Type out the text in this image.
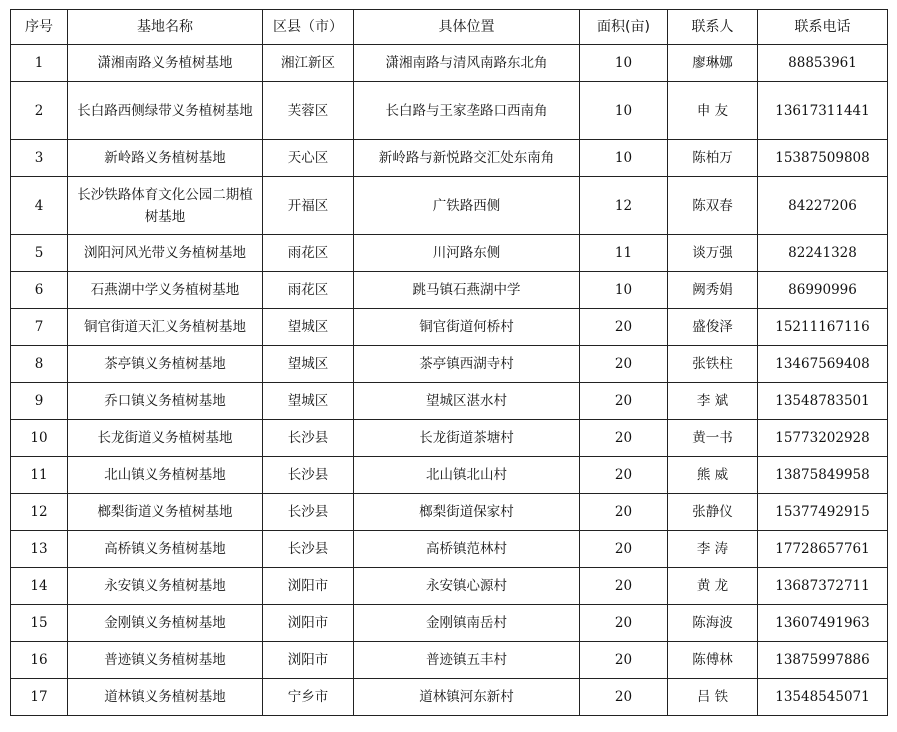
序号	基地名称	区县（市）	具体位置	面积(亩)	联系人	联系电话
1	潇湘南路义务植树基地	湘江新区	潇湘南路与清风南路东北角	10	廖琳娜	88853961
2	长白路西侧绿带义务植树基地	芙蓉区	长白路与王家垄路口西南角	10	申 友	13617311441
3	新岭路义务植树基地	天心区	新岭路与新悦路交汇处东南角	10	陈柏万	15387509808
4	长沙铁路体育文化公园二期植树基地	开福区	广铁路西侧	12	陈双春	84227206
5	浏阳河风光带义务植树基地	雨花区	川河路东侧	11	谈万强	82241328
6	石燕湖中学义务植树基地	雨花区	跳马镇石燕湖中学	10	阙秀娟	86990996
7	铜官街道天汇义务植树基地	望城区	铜官街道何桥村	20	盛俊泽	15211167116
8	茶亭镇义务植树基地	望城区	茶亭镇西湖寺村	20	张铁柱	13467569408
9	乔口镇义务植树基地	望城区	望城区湛水村	20	李 斌	13548783501
10	长龙街道义务植树基地	长沙县	长龙街道茶塘村	20	黄一书	15773202928
11	北山镇义务植树基地	长沙县	北山镇北山村	20	熊 威	13875849958
12	榔梨街道义务植树基地	长沙县	榔梨街道保家村	20	张静仪	15377492915
13	高桥镇义务植树基地	长沙县	高桥镇范林村	20	李 涛	17728657761
14	永安镇义务植树基地	浏阳市	永安镇心源村	20	黄 龙	13687372711
15	金刚镇义务植树基地	浏阳市	金刚镇南岳村	20	陈海波	13607491963
16	普迹镇义务植树基地	浏阳市	普迹镇五丰村	20	陈傅林	13875997886
17	道林镇义务植树基地	宁乡市	道林镇河东新村	20	吕 铁	13548545071
